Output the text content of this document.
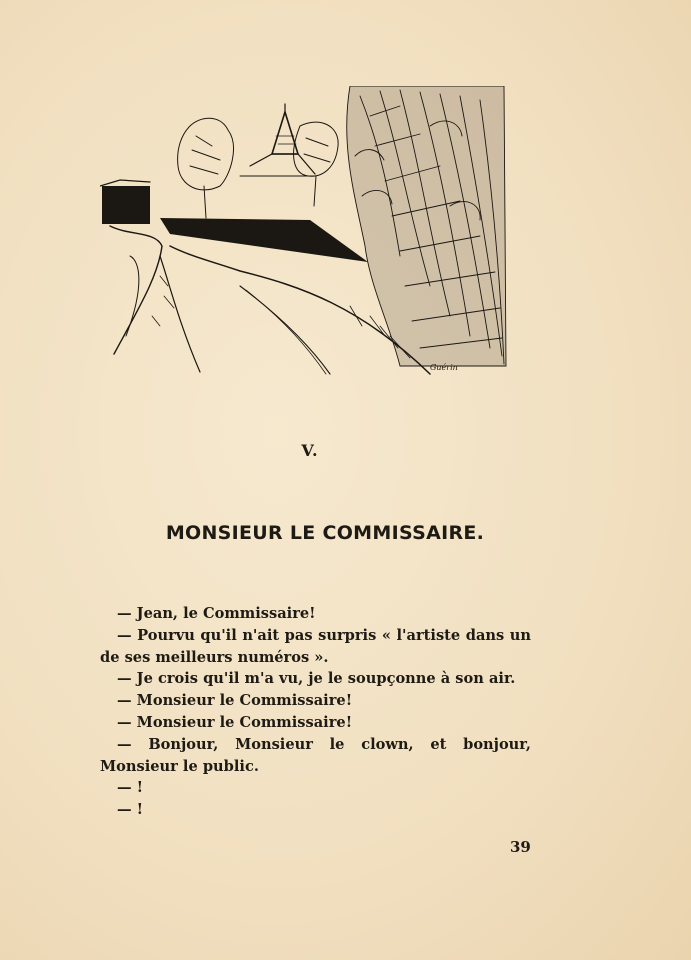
Guérin
V.
MONSIEUR LE COMMISSAIRE.

— Jean, le Commissaire!

— Pourvu qu'il n'ait pas surpris « l'artiste dans un de ses meilleurs numéros ».

— Je crois qu'il m'a vu, je le soupçonne à son air.

— Monsieur le Commissaire!

— Monsieur le Commissaire!

— Bonjour, Monsieur le clown, et bonjour, Monsieur le public.

— !

— !

39
